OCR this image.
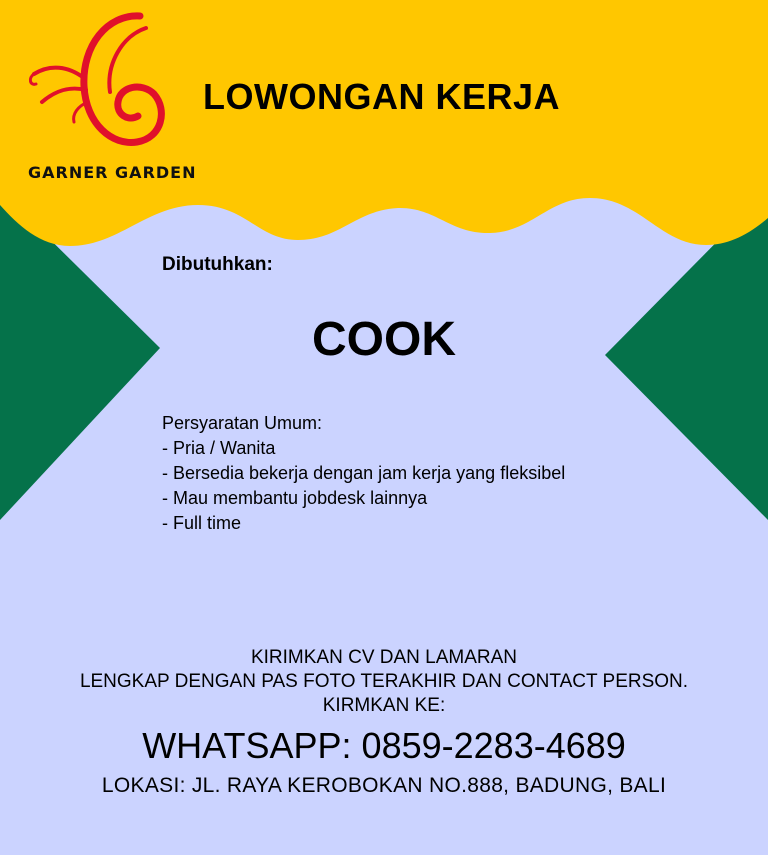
GARNER GARDEN
LOWONGAN KERJA
Dibutuhkan:
COOK
Persyaratan Umum:
- Pria / Wanita
- Bersedia bekerja dengan jam kerja yang fleksibel
- Mau membantu jobdesk lainnya
- Full time
KIRIMKAN CV DAN LAMARAN
LENGKAP DENGAN PAS FOTO TERAKHIR DAN CONTACT PERSON.
KIRMKAN KE:
WHATSAPP: 0859-2283-4689
LOKASI: JL. RAYA KEROBOKAN NO.888, BADUNG, BALI
